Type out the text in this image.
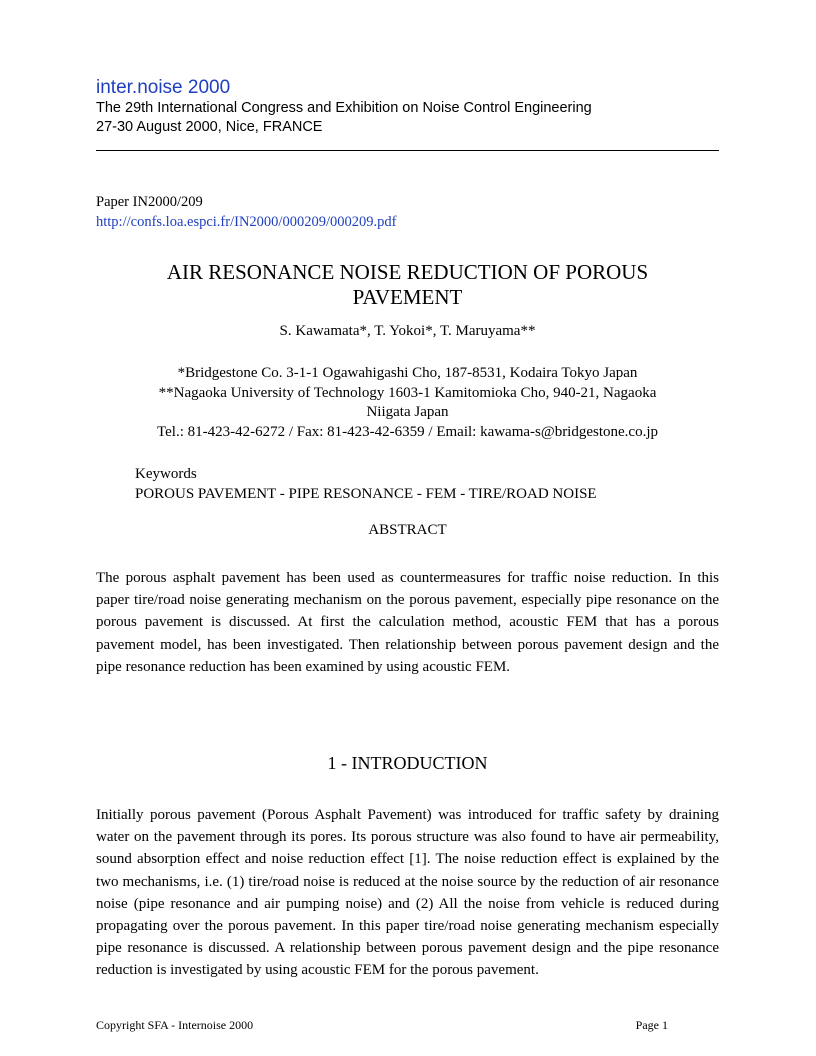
inter.noise 2000
The 29th International Congress and Exhibition on Noise Control Engineering
27-30 August 2000, Nice, FRANCE
Paper IN2000/209
http://confs.loa.espci.fr/IN2000/000209/000209.pdf
AIR RESONANCE NOISE REDUCTION OF POROUS
PAVEMENT
S. Kawamata*, T. Yokoi*, T. Maruyama**
*Bridgestone Co. 3-1-1 Ogawahigashi Cho, 187-8531, Kodaira Tokyo Japan
**Nagaoka University of Technology 1603-1 Kamitomioka Cho, 940-21, Nagaoka
Niigata Japan
Tel.: 81-423-42-6272 / Fax: 81-423-42-6359 / Email: kawama-s@bridgestone.co.jp
Keywords
POROUS PAVEMENT - PIPE RESONANCE - FEM - TIRE/ROAD NOISE
ABSTRACT

The porous asphalt pavement has been used as countermeasures for traffic noise reduction. In this paper tire/road noise generating mechanism on the porous pavement, especially pipe resonance on the porous pavement is discussed. At first the calculation method, acoustic FEM that has a porous pavement model, has been investigated. Then relationship between porous pavement design and the pipe resonance reduction has been examined by using acoustic FEM.

1 - INTRODUCTION

Initially porous pavement (Porous Asphalt Pavement) was introduced for traffic safety by draining water on the pavement through its pores. Its porous structure was also found to have air permeability, sound absorption effect and noise reduction effect [1]. The noise reduction effect is explained by the two mechanisms, i.e. (1) tire/road noise is reduced at the noise source by the reduction of air resonance noise (pipe resonance and air pumping noise) and (2) All the noise from vehicle is reduced during propagating over the porous pavement. In this paper tire/road noise generating mechanism especially pipe resonance is discussed. A relationship between porous pavement design and the pipe resonance reduction is investigated by using acoustic FEM for the porous pavement.

Copyright SFA - Internoise 2000	Page 1
